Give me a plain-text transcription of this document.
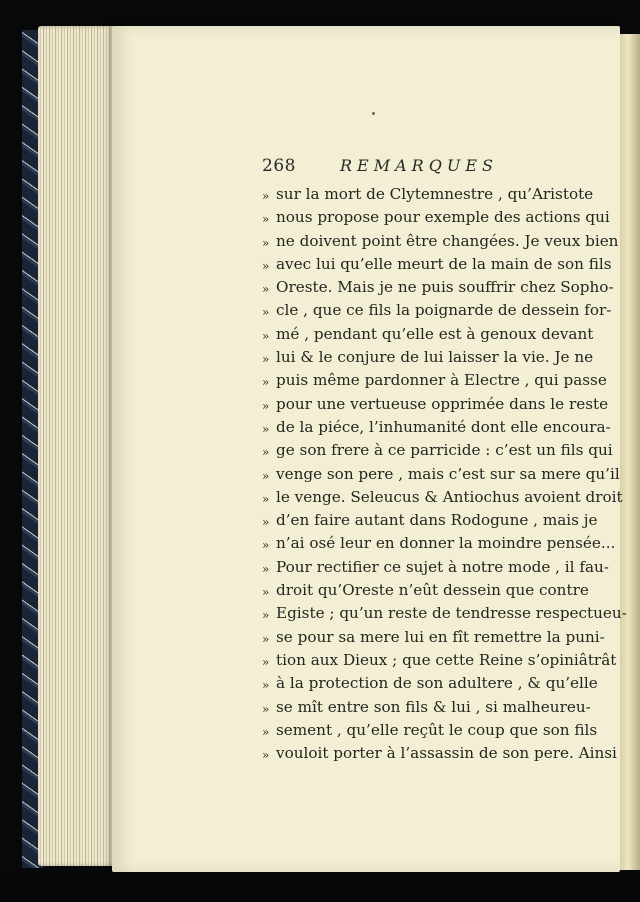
268	REMARQUES
» sur la mort de Clytemnestre , qu’Aristote
» nous propose pour exemple des actions qui
» ne doivent point être changées. Je veux bien
» avec lui qu’elle meurt de la main de son fils
» Oreste. Mais je ne puis souffrir chez Sopho-
» cle , que ce fils la poignarde de dessein for-
» mé , pendant qu’elle est à genoux devant
» lui & le conjure de lui laisser la vie. Je ne
» puis même pardonner à Electre , qui passe
» pour une vertueuse opprimée dans le reste
» de la piéce, l’inhumanité dont elle encoura-
» ge son frere à ce parricide : c’est un fils qui
» venge son pere , mais c’est sur sa mere qu’il
» le venge. Seleucus & Antiochus avoient droit
» d’en faire autant dans Rodogune , mais je
» n’ai osé leur en donner la moindre pensée...
» Pour rectifier ce sujet à notre mode , il fau-
» droit qu’Oreste n’eût dessein que contre
» Egiste ; qu’un reste de tendresse respectueu-
» se pour sa mere lui en fît remettre la puni-
» tion aux Dieux ; que cette Reine s’opiniâtrât
» à la protection de son adultere , & qu’elle
» se mît entre son fils & lui , si malheureu-
» sement , qu’elle reçût le coup que son fils
» vouloit porter à l’assassin de son pere. Ainsi
